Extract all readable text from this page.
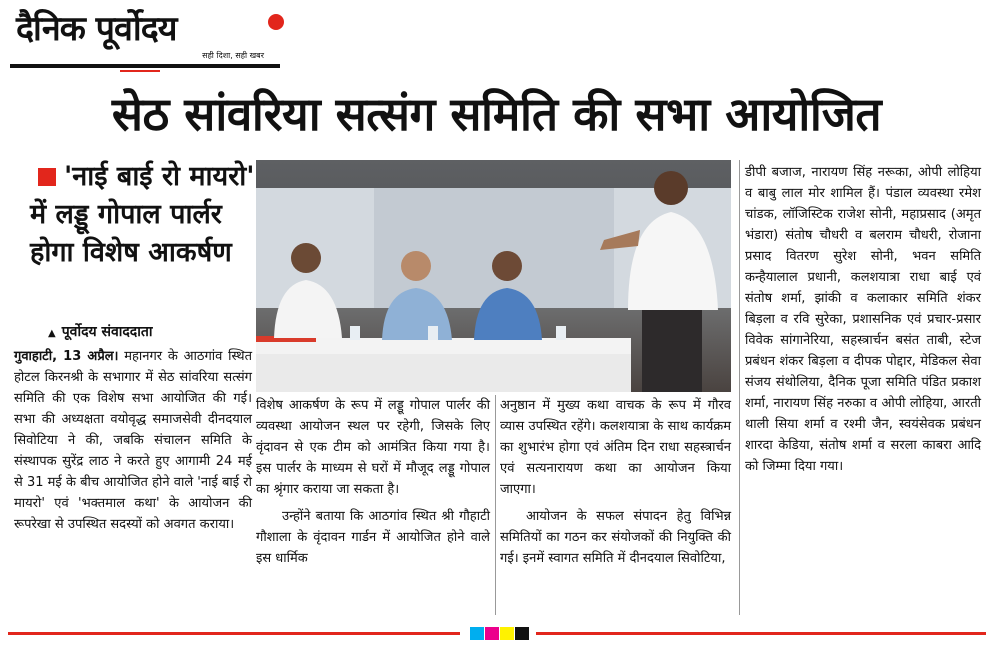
दैनिक पूर्वोदय
सही दिशा, सही खबर
सेठ सांवरिया सत्संग समिति की सभा आयोजित
'नाई बाई रो मायरो' में लड्डू गोपाल पार्लर होगा विशेष आकर्षण
▲ पूर्वोदय संवाददाता
गुवाहाटी, 13 अप्रैल। महानगर के आठगांव स्थित होटल किरनश्री के सभागार में सेठ सांवरिया सत्संग समिति की एक विशेष सभा आयोजित की गई। सभा की अध्यक्षता वयोवृद्ध समाजसेवी दीनदयाल सिवोटिया ने की, जबकि संचालन समिति के संस्थापक सुरेंद्र लाठ ने करते हुए आगामी 24 मई से 31 मई के बीच आयोजित होने वाले 'नाई बाई रो मायरो' एवं 'भक्तमाल कथा' के आयोजन की रूपरेखा से उपस्थित सदस्यों को अवगत कराया।
विशेष आकर्षण के रूप में लड्डू गोपाल पार्लर की व्यवस्था आयोजन स्थल पर रहेगी, जिसके लिए वृंदावन से एक टीम को आमंत्रित किया गया है। इस पार्लर के माध्यम से घरों में मौजूद लड्डू गोपाल का श्रृंगार कराया जा सकता है।
उन्होंने बताया कि आठगांव स्थित श्री गौहाटी गौशाला के वृंदावन गार्डन में आयोजित होने वाले इस धार्मिक
अनुष्ठान में मुख्य कथा वाचक के रूप में गौरव व्यास उपस्थित रहेंगे। कलशयात्रा के साथ कार्यक्रम का शुभारंभ होगा एवं अंतिम दिन राधा सहस्त्रार्चन एवं सत्यनारायण कथा का आयोजन किया जाएगा।
आयोजन के सफल संपादन हेतु विभिन्न समितियों का गठन कर संयोजकों की नियुक्ति की गई। इनमें स्वागत समिति में दीनदयाल सिवोटिया,
डीपी बजाज, नारायण सिंह नरूका, ओपी लोहिया व बाबु लाल मोर शामिल हैं। पंडाल व्यवस्था रमेश चांडक, लॉजिस्टिक राजेश सोनी, महाप्रसाद (अमृत भंडारा) संतोष चौधरी व बलराम चौधरी, रोजाना प्रसाद वितरण सुरेश सोनी, भवन समिति कन्हैयालाल प्रधानी, कलशयात्रा राधा बाई एवं संतोष शर्मा, झांकी व कलाकार समिति शंकर बिड़ला व रवि सुरेका, प्रशासनिक एवं प्रचार-प्रसार विवेक सांगानेरिया, सहस्त्रार्चन बसंत ताबी, स्टेज प्रबंधन शंकर बिड़ला व दीपक पोद्दार, मेडिकल सेवा संजय संथोलिया, दैनिक पूजा समिति पंडित प्रकाश शर्मा, नारायण सिंह नरुका व ओपी लोहिया, आरती थाली सिया शर्मा व रश्मी जैन, स्वयंसेवक प्रबंधन शारदा केडिया, संतोष शर्मा व सरला काबरा आदि को जिम्मा दिया गया।
